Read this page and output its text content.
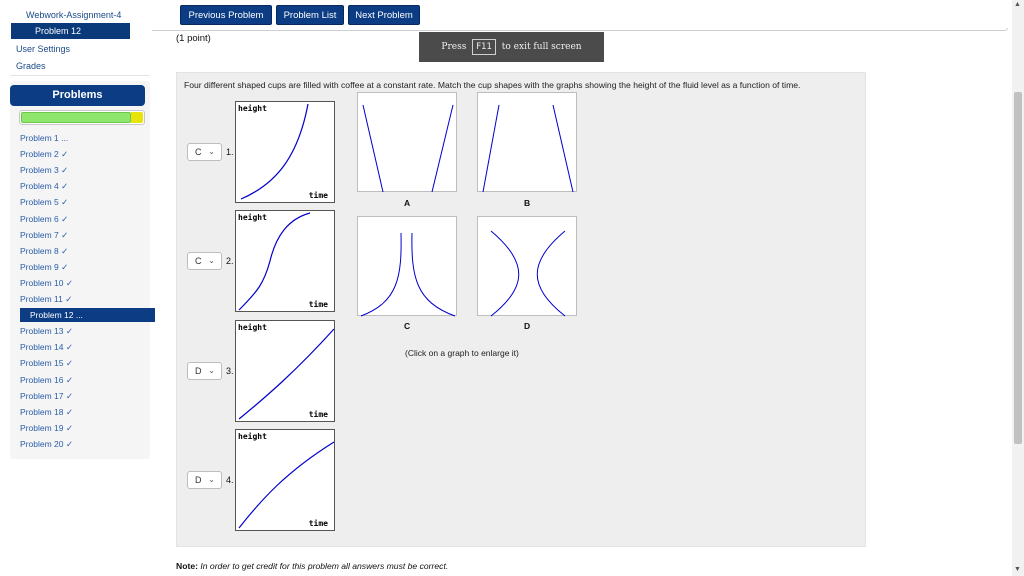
Webwork-Assignment-4
Problem 12
User Settings
Grades
Problems
Problem 1 ...
Problem 2 ✓
Problem 3 ✓
Problem 4 ✓
Problem 5 ✓
Problem 6 ✓
Problem 7 ✓
Problem 8 ✓
Problem 9 ✓
Problem 10 ✓
Problem 11 ✓
Problem 12 ...
Problem 13 ✓
Problem 14 ✓
Problem 15 ✓
Problem 16 ✓
Problem 17 ✓
Problem 18 ✓
Problem 19 ✓
Problem 20 ✓
Previous Problem	Problem List	Next Problem
(1 point)
Press F11 to exit full screen
Four different shaped cups are filled with coffee at a constant rate. Match the cup shapes with the graphs showing the height of the fluid level as a function of time.
C ⌄ 1.
C ⌄ 2.
D ⌄ 3.
D ⌄ 4.
height
time
height
time
height
time
height
time
A	B
C	D
(Click on a graph to enlarge it)
Note: In order to get credit for this problem all answers must be correct.
▲
▼
